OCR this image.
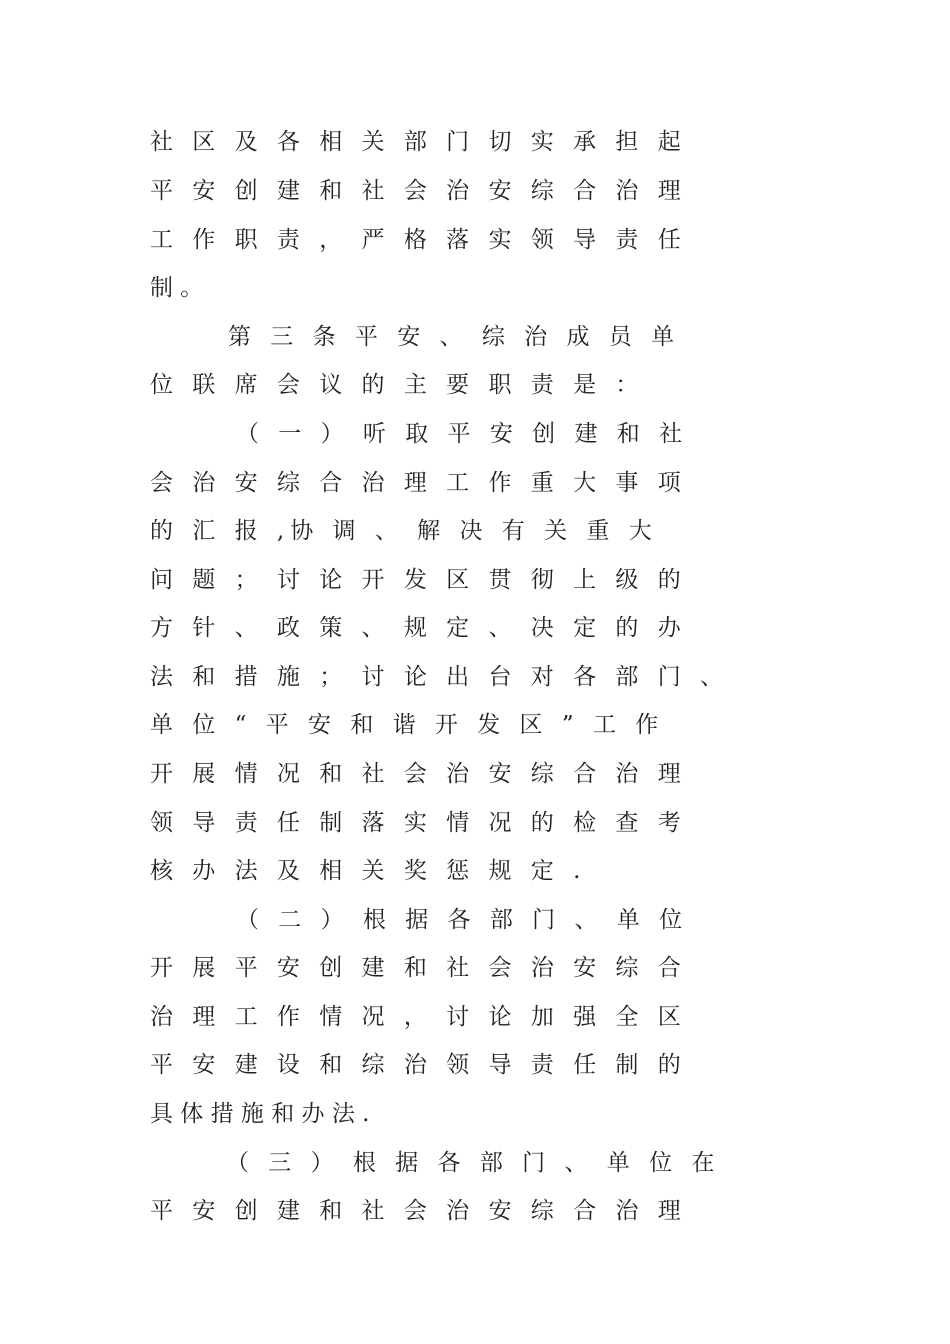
社 区 及 各 相 关 部 门 切 实 承 担 起

平 安 创 建 和 社 会 治 安 综 合 治 理

工 作 职 责 ， 严 格 落 实 领 导 责 任

制 。

第 三 条 平 安 、 综 治 成 员 单

位 联 席 会 议 的 主 要 职 责 是 ：

（ 一 ） 听 取 平 安 创 建 和 社

会 治 安 综 合 治 理 工 作 重 大 事 项

的 汇 报 ,协 调 、 解 决 有 关 重 大

问 题 ； 讨 论 开 发 区 贯 彻 上 级 的

方 针 、 政 策 、 规 定 、 决 定 的 办

法 和 措 施 ； 讨 论 出 台 对 各 部 门 、

单 位 “ 平 安 和 谐 开 发 区 ” 工 作

开 展 情 况 和 社 会 治 安 综 合 治 理

领 导 责 任 制 落 实 情 况 的 检 查 考

核 办 法 及 相 关 奖 惩 规 定 .

（ 二 ） 根 据 各 部 门 、 单 位

开 展 平 安 创 建 和 社 会 治 安 综 合

治 理 工 作 情 况 ， 讨 论 加 强 全 区

平 安 建 设 和 综 治 领 导 责 任 制 的

具 体 措 施 和 办 法 .

（ 三 ） 根 据 各 部 门 、 单 位 在

平 安 创 建 和 社 会 治 安 综 合 治 理
